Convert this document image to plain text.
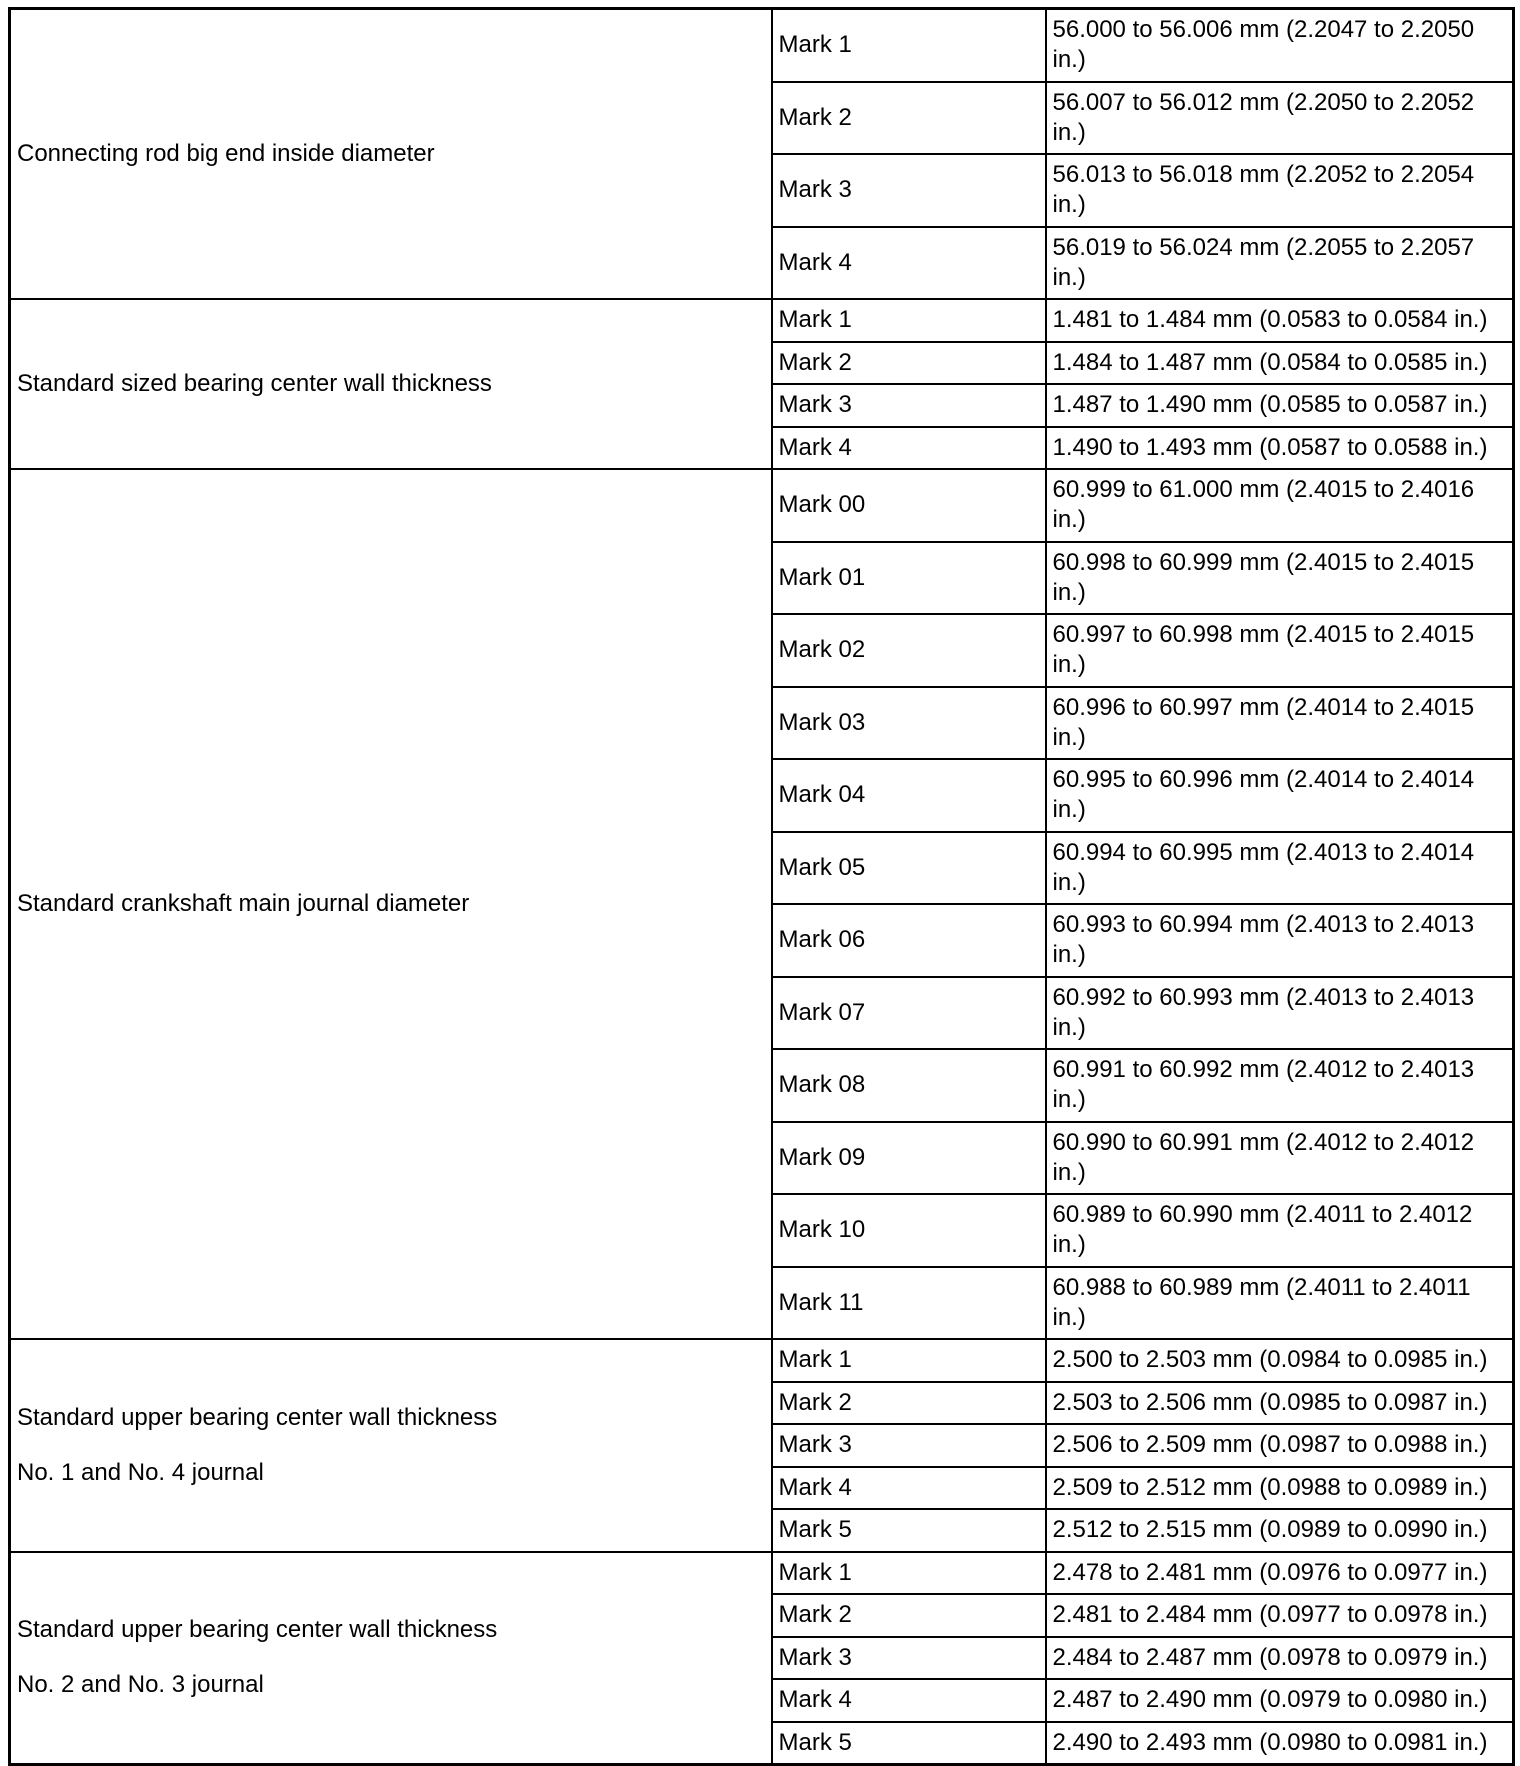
Connecting rod big end inside diameter	Mark 1	56.000 to 56.006 mm (2.2047 to 2.2050 in.)
	Mark 2	56.007 to 56.012 mm (2.2050 to 2.2052 in.)
	Mark 3	56.013 to 56.018 mm (2.2052 to 2.2054 in.)
	Mark 4	56.019 to 56.024 mm (2.2055 to 2.2057 in.)

Standard sized bearing center wall thickness	Mark 1	1.481 to 1.484 mm (0.0583 to 0.0584 in.)
	Mark 2	1.484 to 1.487 mm (0.0584 to 0.0585 in.)
	Mark 3	1.487 to 1.490 mm (0.0585 to 0.0587 in.)
	Mark 4	1.490 to 1.493 mm (0.0587 to 0.0588 in.)

Standard crankshaft main journal diameter	Mark 00	60.999 to 61.000 mm (2.4015 to 2.4016 in.)
	Mark 01	60.998 to 60.999 mm (2.4015 to 2.4015 in.)
	Mark 02	60.997 to 60.998 mm (2.4015 to 2.4015 in.)
	Mark 03	60.996 to 60.997 mm (2.4014 to 2.4015 in.)
	Mark 04	60.995 to 60.996 mm (2.4014 to 2.4014 in.)
	Mark 05	60.994 to 60.995 mm (2.4013 to 2.4014 in.)
	Mark 06	60.993 to 60.994 mm (2.4013 to 2.4013 in.)
	Mark 07	60.992 to 60.993 mm (2.4013 to 2.4013 in.)
	Mark 08	60.991 to 60.992 mm (2.4012 to 2.4013 in.)
	Mark 09	60.990 to 60.991 mm (2.4012 to 2.4012 in.)
	Mark 10	60.989 to 60.990 mm (2.4011 to 2.4012 in.)
	Mark 11	60.988 to 60.989 mm (2.4011 to 2.4011 in.)

Standard upper bearing center wall thickness

No. 1 and No. 4 journal	Mark 1	2.500 to 2.503 mm (0.0984 to 0.0985 in.)
	Mark 2	2.503 to 2.506 mm (0.0985 to 0.0987 in.)
	Mark 3	2.506 to 2.509 mm (0.0987 to 0.0988 in.)
	Mark 4	2.509 to 2.512 mm (0.0988 to 0.0989 in.)
	Mark 5	2.512 to 2.515 mm (0.0989 to 0.0990 in.)

Standard upper bearing center wall thickness

No. 2 and No. 3 journal	Mark 1	2.478 to 2.481 mm (0.0976 to 0.0977 in.)
	Mark 2	2.481 to 2.484 mm (0.0977 to 0.0978 in.)
	Mark 3	2.484 to 2.487 mm (0.0978 to 0.0979 in.)
	Mark 4	2.487 to 2.490 mm (0.0979 to 0.0980 in.)
	Mark 5	2.490 to 2.493 mm (0.0980 to 0.0981 in.)
